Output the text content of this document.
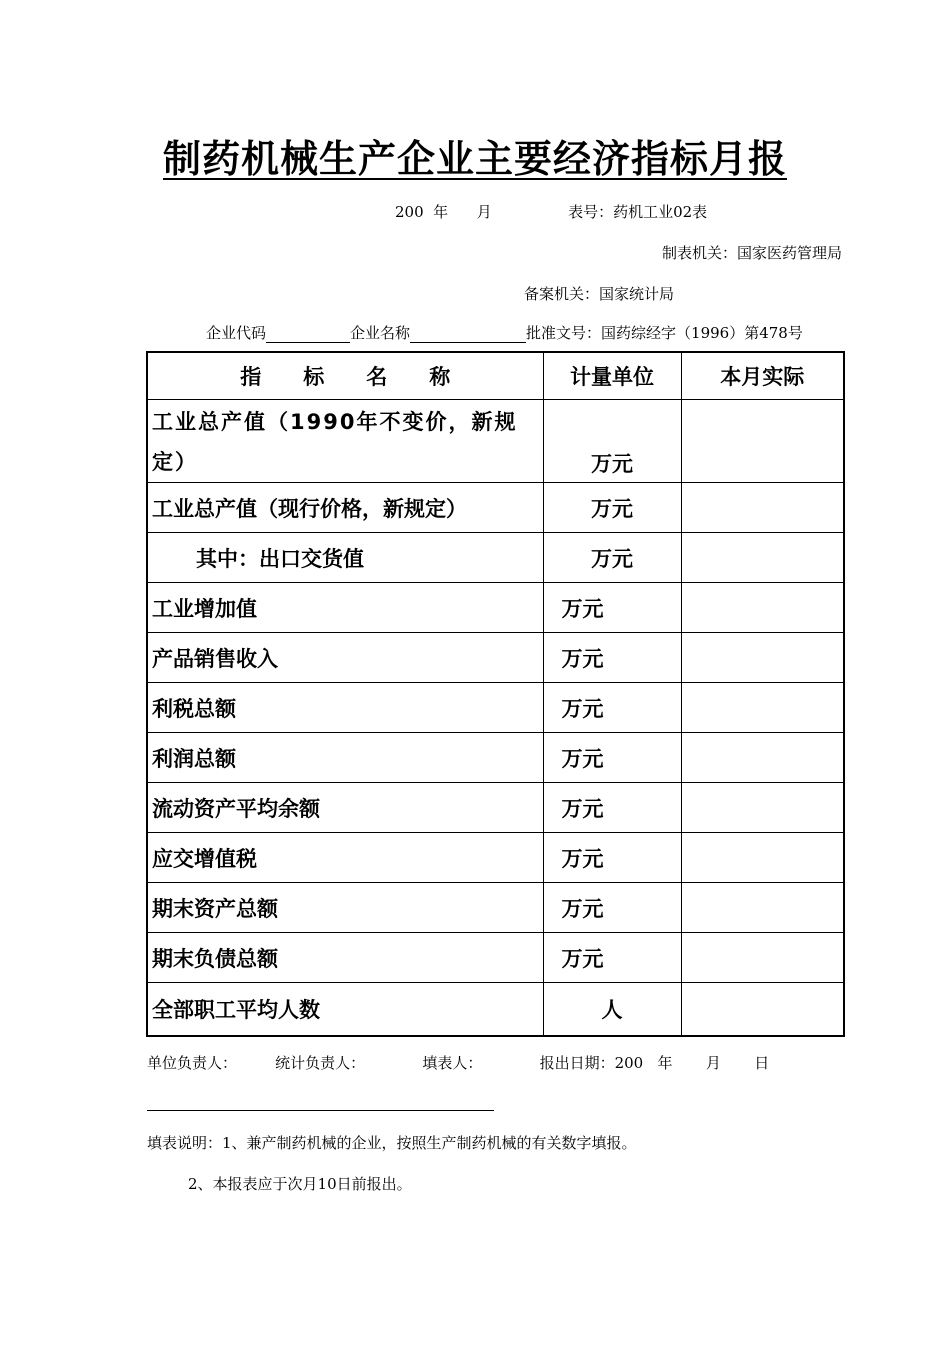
制药机械生产企业主要经济指标月报
200  年      月	表号：药机工业02表
制表机关：国家医药管理局
备案机关：国家统计局
企业代码	企业名称	批准文号：国药综经字（1996）第478号
指　　标　　名　　称	计量单位	本月实际

工业总产值（1990年不变价，新规定）	万元	
工业总产值（现行价格，新规定）	万元	
其中：出口交货值	万元	
工业增加值	万元	
产品销售收入	万元	
利税总额	万元	
利润总额	万元	
流动资产平均余额	万元	
应交增值税	万元	
期末资产总额	万元	
期末负债总额	万元	
全部职工平均人数	人	
单位负责人：        统计负责人：            填表人：            报出日期：200   年       月       日
填表说明：1、兼产制药机械的企业，按照生产制药机械的有关数字填报。
2、本报表应于次月10日前报出。
